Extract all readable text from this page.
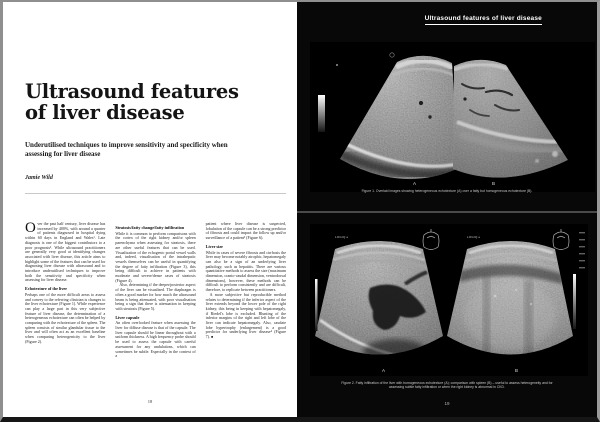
Ultrasound features
of liver disease
Underutilised techniques to improve sensitivity and specificity when assessing for liver disease
Jamie Wild

Over the past half century, liver disease has increased by 400%, with around a quarter of patients diagnosed in hospital dying within 60 days in England and Wales¹. Late diagnosis is one of the biggest contributors to a poor prognosis². While ultrasound practitioners are generally very good at identifying changes associated with liver disease, this article aims to highlight some of the features that can be used for diagnosing liver disease with ultrasound and to introduce underutilised techniques to improve both the sensitivity and specificity when assessing for liver disease.

Echotexture of the liver

Perhaps one of the more difficult areas to assess and convey to the referring clinician is changes to the liver echotexture (Figure 1). While experience can play a large part in this very subjective feature of liver disease, the determination of a heterogeneous echotexture can often be helped by comparing with the echotexture of the spleen. The spleen consists of similar glandular tissue to the liver and will often act as an excellent baseline when comparing heterogenicity to the liver (Figure 2).

Steatosis/fatty change/fatty infiltration

While it is common to perform comparisons with the cortex of the right kidney and/or spleen parenchyma when assessing for steatosis, there are other useful features that can be used. Visualisation of the echogenic portal vessel walls and, indeed, visualisation of the intrahepatic vessels themselves can be useful in quantifying the degree of fatty infiltration (Figure 3), this being difficult to achieve in patients with moderate and severe/dense cases of steatosis (Figure 4).

Also, determining if the deeper/posterior aspect of the liver can be visualised. The diaphragm is often a good marker for how much the ultrasound beam is being attenuated, with poor visualisation being a sign that there is attenuation in keeping with steatosis (Figure 5).

Liver capsule

An often overlooked feature when assessing the liver for diffuse disease is that of the capsule. The liver capsule should be linear throughout with a uniform thickness. A high frequency probe should be used to assess the capsule with careful assessment for any undulations, which can sometimes be subtle. Especially in the context of a

patient where liver disease is suspected, lobulation of the capsule can be a strong predictor of fibrosis and could impact the follow up and/or surveillance of a patient³ (Figure 6).

Liver size

While in cases of severe fibrosis and cirrhosis the liver may become notably atrophic, hepatomegaly can also be a sign of an underlying liver pathology, such as hepatitis. There are various quantitative methods to assess the size (maximum dimension, cranio-caudal dimension, ventrodorsal dimensions), however, these methods can be difficult to perform consistently and are difficult, therefore, to replicate between practitioners.

A more subjective but reproducible method relates to determining if the inferior aspect of the liver extends beyond the lower pole of the right kidney, this being in keeping with hepatomegaly, if Riedel's lobe is excluded. Blunting of the inferior margins of the right and left lobe of the liver can indicate hepatomegaly. Also, caudate lobe hypertrophy (enlargement) is a good predictor for underlying liver disease⁴ (Figure 7).■

18
Ultrasound features of liver disease
A	B
Figure 1. Overlaid images showing heterogeneous echotexture (A) over a fatty but homogeneous echotexture (B).
LOGIQ e	LOGIQ e
A	B
Figure 2. Fatty infiltration of the liver with homogeneous echotexture (A); comparison with spleen (B) – useful to assess heterogeneity and for assessing subtle fatty infiltration or when the right kidney is abnormal in CKD.
19
